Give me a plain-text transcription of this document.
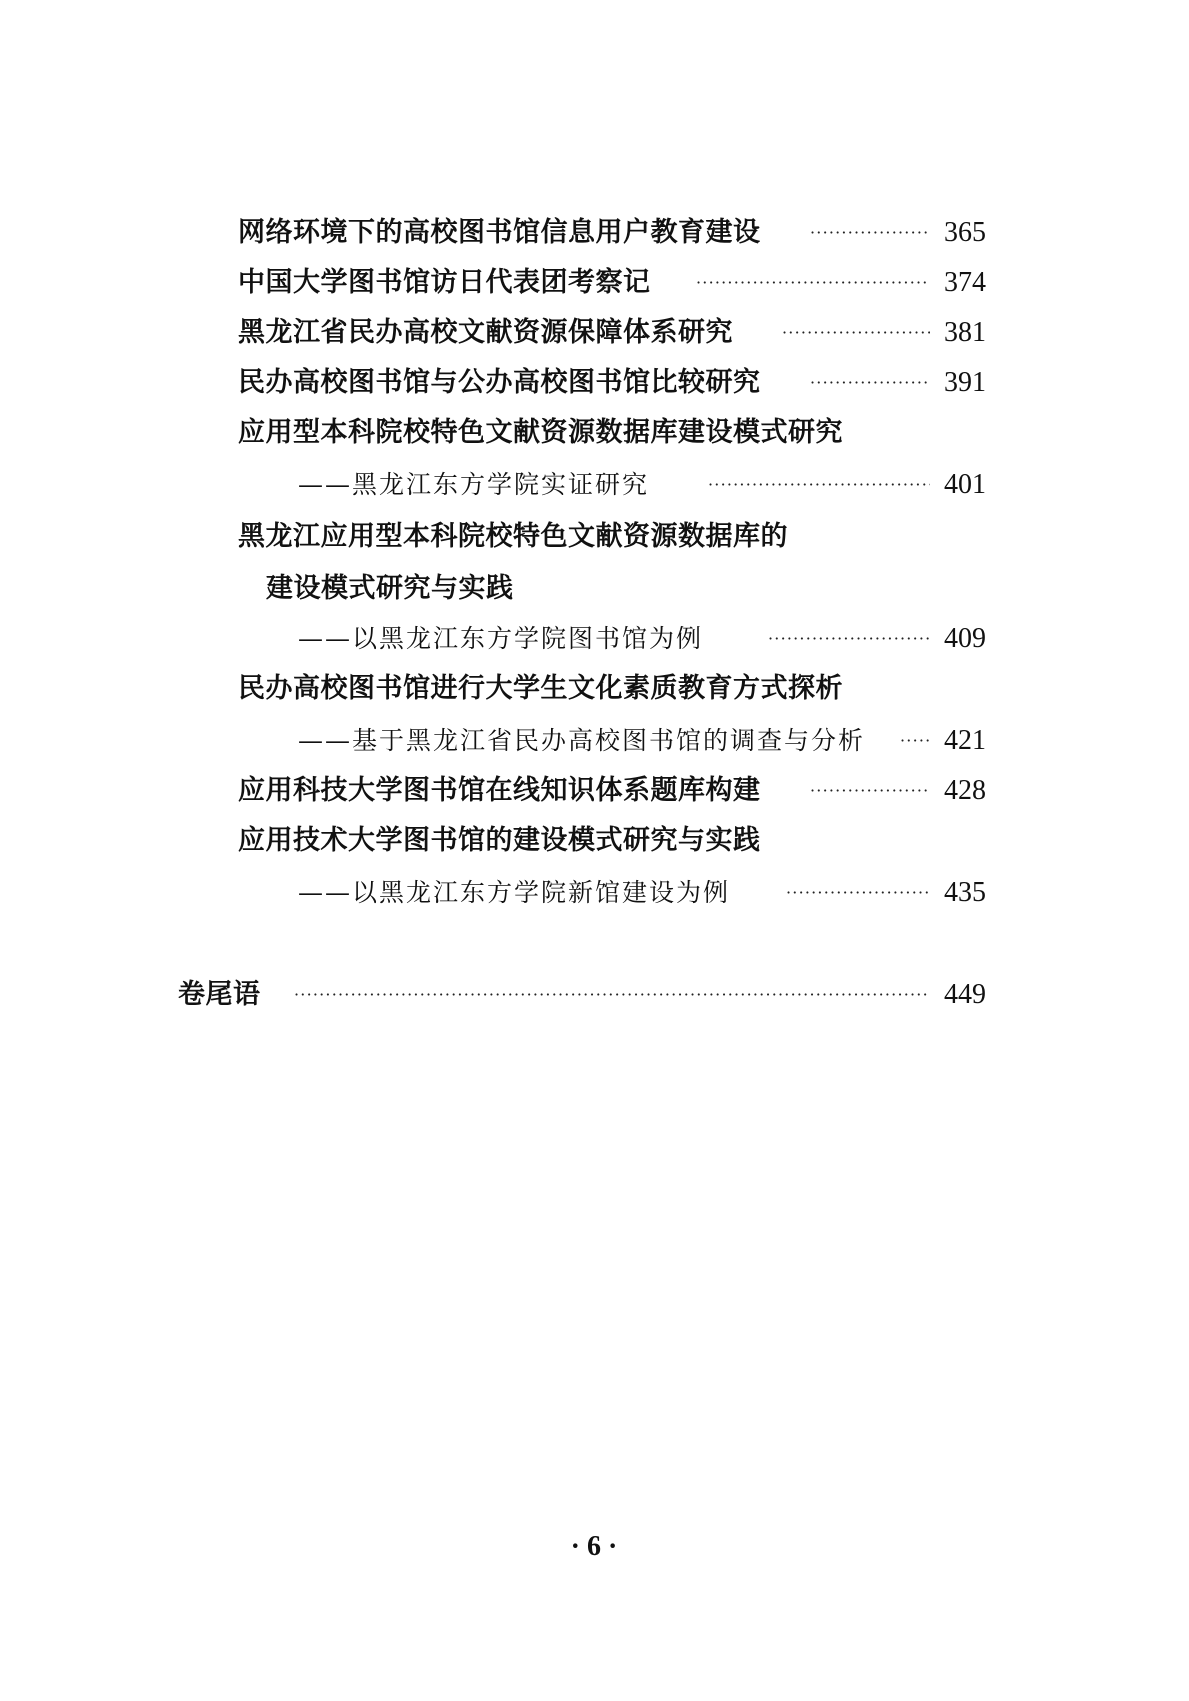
网络环境下的高校图书馆信息用户教育建设 ·····	365
中国大学图书馆访日代表团考察记 ·····	374
黑龙江省民办高校文献资源保障体系研究 ·····	381
民办高校图书馆与公办高校图书馆比较研究 ·····	391
应用型本科院校特色文献资源数据库建设模式研究
——黑龙江东方学院实证研究 ·····	401
黑龙江应用型本科院校特色文献资源数据库的
建设模式研究与实践
——以黑龙江东方学院图书馆为例 ·····	409
民办高校图书馆进行大学生文化素质教育方式探析
——基于黑龙江省民办高校图书馆的调查与分析 ·····	421
应用科技大学图书馆在线知识体系题库构建 ·····	428
应用技术大学图书馆的建设模式研究与实践
——以黑龙江东方学院新馆建设为例 ·····	435
卷尾语 ·····	449
· 6 ·
